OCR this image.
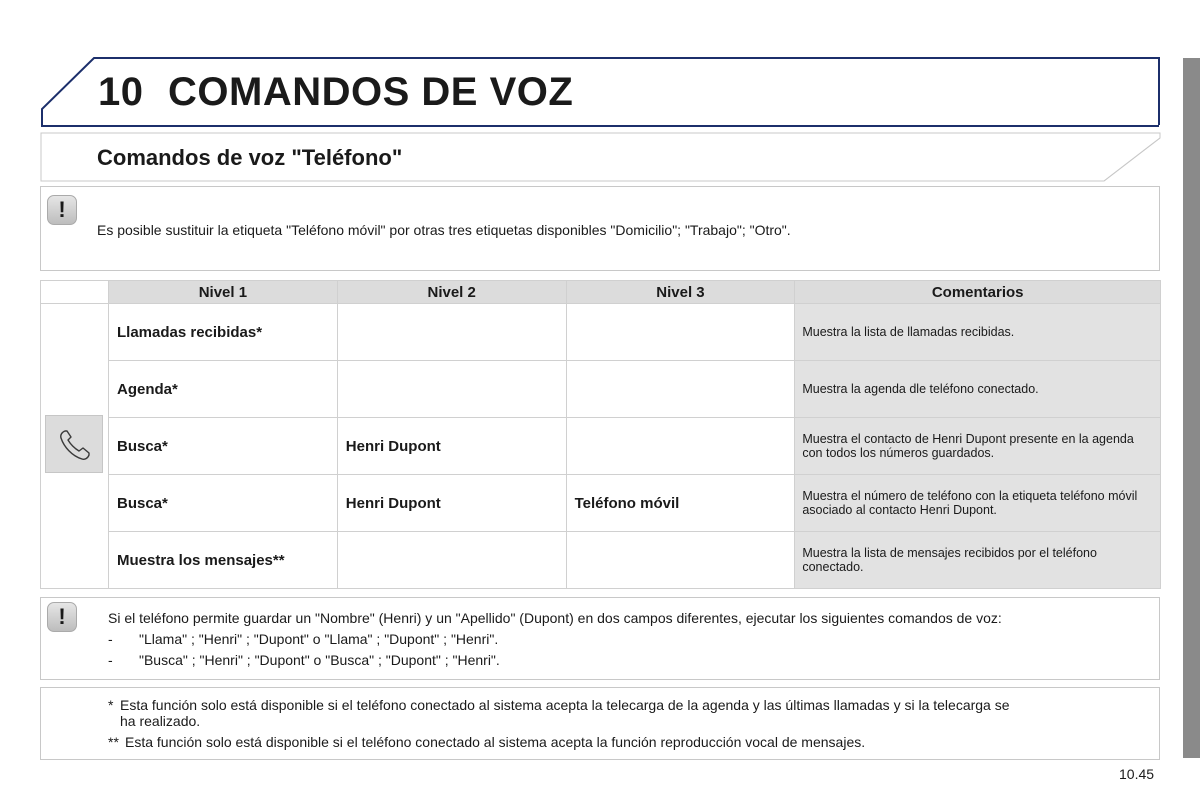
10 COMANDOS DE VOZ
Comandos de voz "Teléfono"
!
Es posible sustituir la etiqueta "Teléfono móvil" por otras tres etiquetas disponibles "Domicilio"; "Trabajo"; "Otro".
	Nivel 1	Nivel 2	Nivel 3	Comentarios

	Llamadas recibidas*			Muestra la lista de llamadas recibidas.
	Agenda*			Muestra la agenda dle teléfono conectado.
	Busca*	Henri Dupont		Muestra el contacto de Henri Dupont presente en la agenda con todos los números guardados.
	Busca*	Henri Dupont	Teléfono móvil	Muestra el número de teléfono con la etiqueta teléfono móvil asociado al contacto Henri Dupont.
	Muestra los mensajes**			Muestra la lista de mensajes recibidos por el teléfono conectado.
!	Si el teléfono permite guardar un "Nombre" (Henri) y un "Apellido" (Dupont) en dos campos diferentes, ejecutar los siguientes comandos de voz:
- "Llama" ; "Henri" ; "Dupont" o "Llama" ; "Dupont" ; "Henri".
- "Busca" ; "Henri" ; "Dupont" o "Busca" ; "Dupont" ; "Henri".
* Esta función solo está disponible si el teléfono conectado al sistema acepta la telecarga de la agenda y las últimas llamadas y si la telecarga se
ha realizado.
** Esta función solo está disponible si el teléfono conectado al sistema acepta la función reproducción vocal de mensajes.
10.45
